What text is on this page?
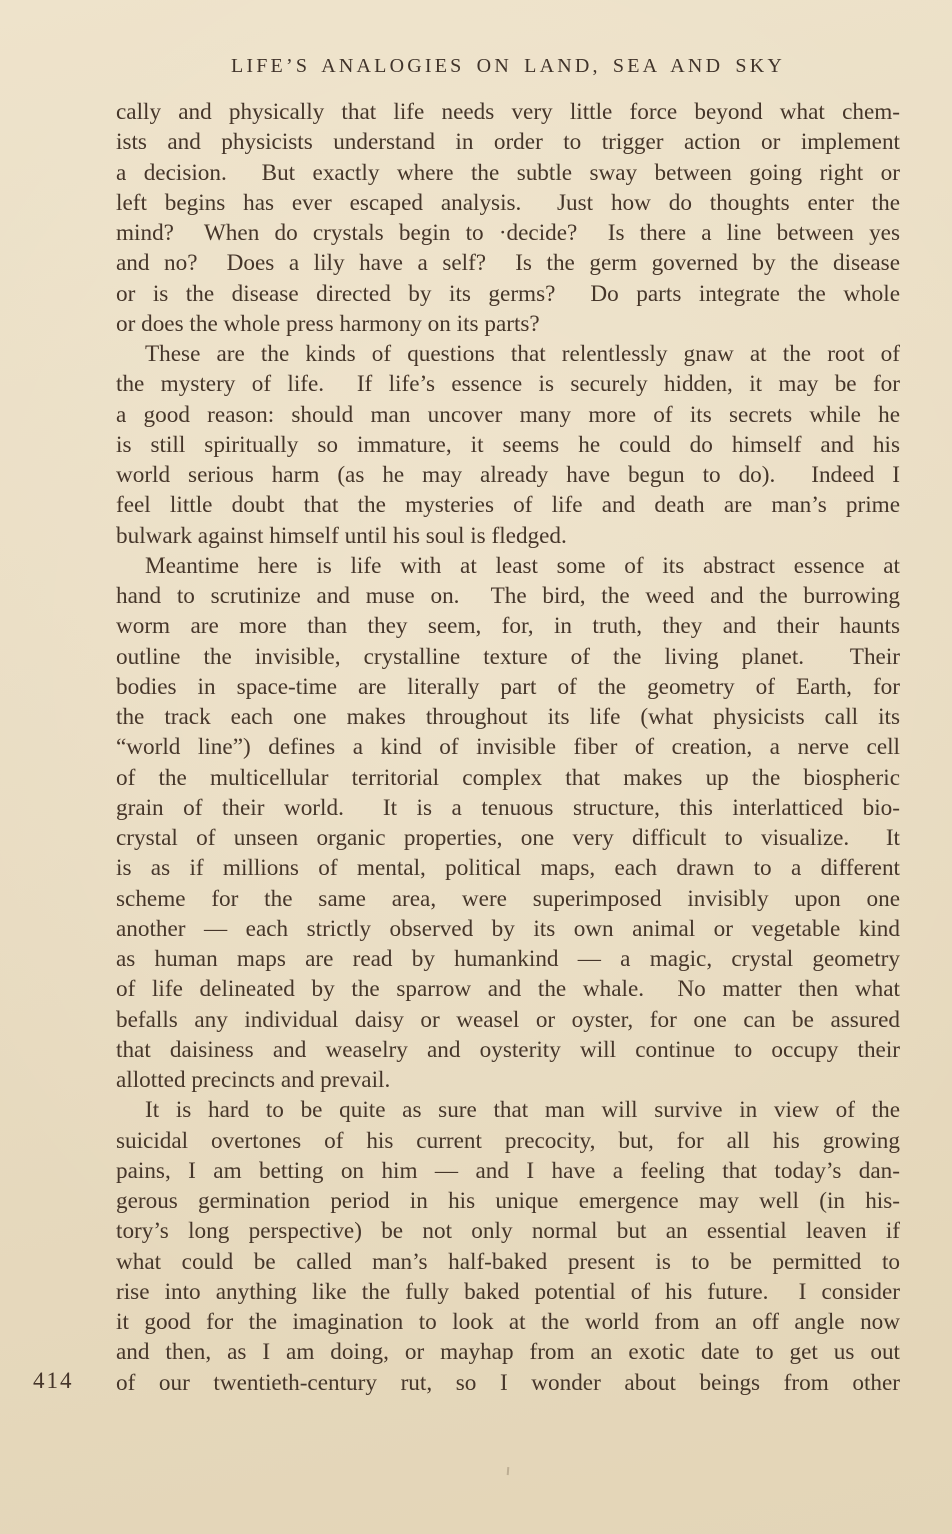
LIFE’S ANALOGIES ON LAND, SEA AND SKY
cally and physically that life needs very little force beyond what chem-
ists and physicists understand in order to trigger action or implement
a decision.  But exactly where the subtle sway between going right or
left begins has ever escaped analysis.  Just how do thoughts enter the
mind?  When do crystals begin to ·decide?  Is there a line between yes
and no?  Does a lily have a self?  Is the germ governed by the disease
or is the disease directed by its germs?  Do parts integrate the whole
or does the whole press harmony on its parts?
These are the kinds of questions that relentlessly gnaw at the root of
the mystery of life.  If life’s essence is securely hidden, it may be for
a good reason: should man uncover many more of its secrets while he
is still spiritually so immature, it seems he could do himself and his
world serious harm (as he may already have begun to do).  Indeed I
feel little doubt that the mysteries of life and death are man’s prime
bulwark against himself until his soul is fledged.
Meantime here is life with at least some of its abstract essence at
hand to scrutinize and muse on.  The bird, the weed and the burrowing
worm are more than they seem, for, in truth, they and their haunts
outline the invisible, crystalline texture of the living planet.  Their
bodies in space-time are literally part of the geometry of Earth, for
the track each one makes throughout its life (what physicists call its
“world line”) defines a kind of invisible fiber of creation, a nerve cell
of the multicellular territorial complex that makes up the biospheric
grain of their world.  It is a tenuous structure, this interlatticed bio-
crystal of unseen organic properties, one very difficult to visualize.  It
is as if millions of mental, political maps, each drawn to a different
scheme for the same area, were superimposed invisibly upon one
another — each strictly observed by its own animal or vegetable kind
as human maps are read by humankind — a magic, crystal geometry
of life delineated by the sparrow and the whale.  No matter then what
befalls any individual daisy or weasel or oyster, for one can be assured
that daisiness and weaselry and oysterity will continue to occupy their
allotted precincts and prevail.
It is hard to be quite as sure that man will survive in view of the
suicidal overtones of his current precocity, but, for all his growing
pains, I am betting on him — and I have a feeling that today’s dan-
gerous germination period in his unique emergence may well (in his-
tory’s long perspective) be not only normal but an essential leaven if
what could be called man’s half-baked present is to be permitted to
rise into anything like the fully baked potential of his future.  I consider
it good for the imagination to look at the world from an off angle now
and then, as I am doing, or mayhap from an exotic date to get us out
of our twentieth-century rut, so I wonder about beings from other
414
